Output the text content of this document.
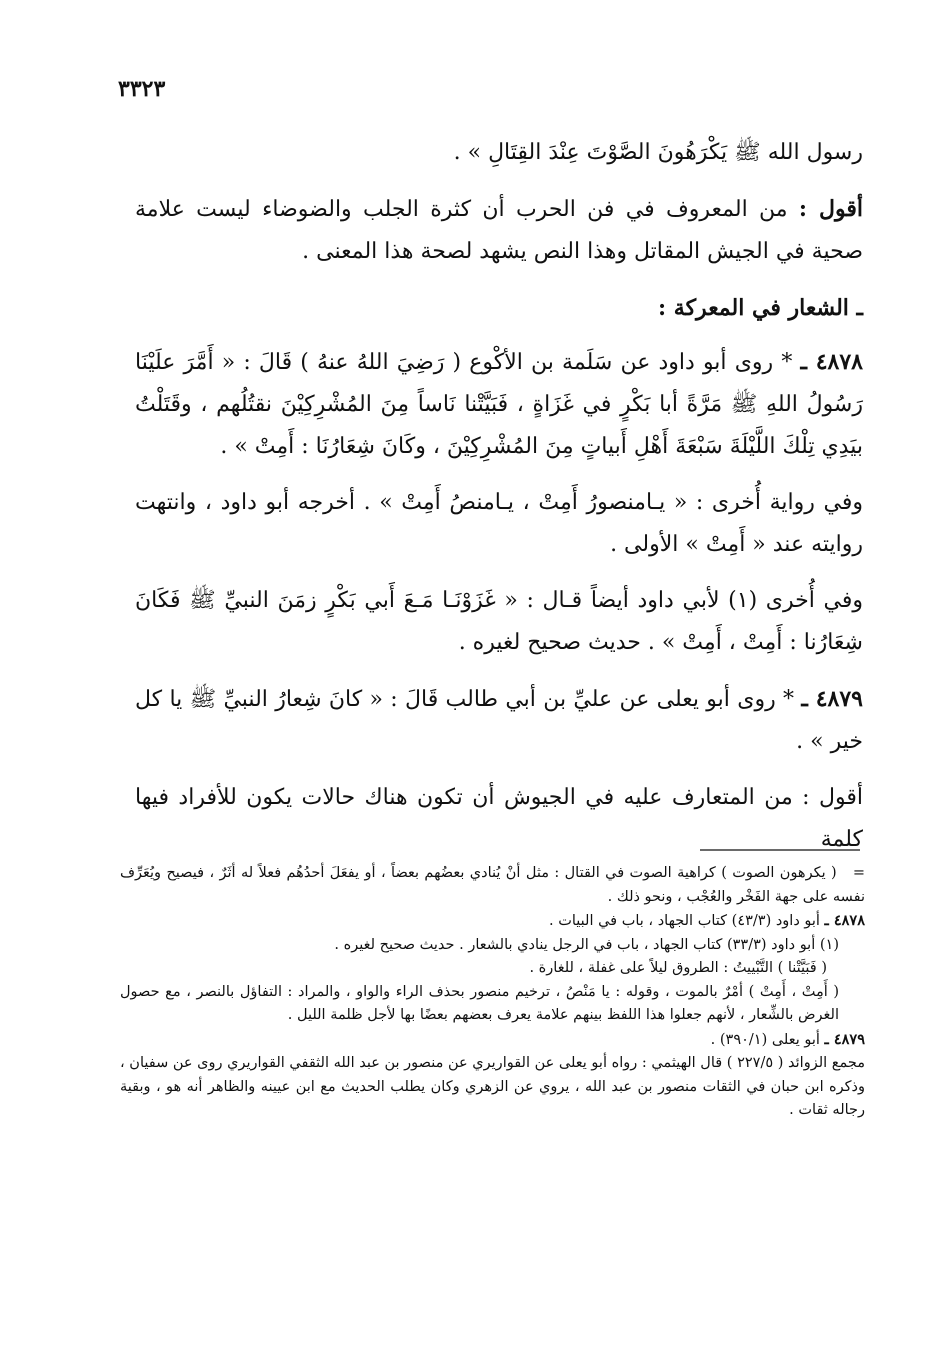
٣٣٢٣

رسول الله ﷺ يَكْرَهُونَ الصَّوْتَ عِنْدَ القِتَالِ » .

أقول : من المعروف في فن الحرب أن كثرة الجلب والضوضاء ليست علامة صحية في الجيش المقاتل وهذا النص يشهد لصحة هذا المعنى .

ـ الشعار في المعركة :

٤٨٧٨ ـ * روى أبو داود عن سَلَمة بن الأكْوع ( رَضِيَ اللهُ عنهُ ) قَالَ : « أَمَّرَ علَيْنَا رَسُولُ اللهِ ﷺ مَرَّةً أبا بَكْرٍ في غَزَاةٍ ، فَبَيَّتْنا نَاساً مِنَ المُشْرِكِيْنَ نقتُلُهم ، وقَتَلْتُ بيَدِي تِلْكَ اللَّيْلَةَ سَبْعَةَ أَهْلِ أَبياتٍ مِنَ المُشْرِكِيْنَ ، وكَانَ شِعَارُنَا : أَمِتْ » .

وفي رواية أُخرى : « يـامنصورُ أَمِتْ ، يـامنصُ أَمِتْ » . أخرجه أبو داود ، وانتهت روايته عند « أَمِتْ » الأولى .

وفي أُخرى (١) لأبي داود أيضاً قـال : « غَزَوْنَـا مَـعَ أَبي بَكْرٍ زمَنَ النبيِّ ﷺ فَكَانَ شِعَارُنا : أَمِتْ ، أَمِتْ » . حديث صحيح لغيره .

٤٨٧٩ ـ * روى أبو يعلى عن عليِّ بن أبي طالب قَالَ : « كانَ شِعارُ النبيِّ ﷺ يا كل خير » .

أقول : من المتعارف عليه في الجيوش أن تكون هناك حالات يكون للأفراد فيها كلمة

=   ( يكرهون الصوت ) كراهية الصوت في القتال : مثل أنْ يُنادي بعضُهم بعضاً ، أو يفعَلَ أحدُهُم فعلاً له أثَرٌ ، فيصيح ويُعَرِّف نفسه على جهة الفَخْر والعُجْب ، ونحو ذلك .

٤٨٧٨ ـ أبو داود (٤٣/٣) كتاب الجهاد ، باب في البيات .

(١) أبو داود (٣٣/٣) كتاب الجهاد ، باب في الرجل ينادي بالشعار . حديث صحيح لغيره .

( فَبَيَّتْنا ) التَّبْييتُ : الطروق ليلاً على غفلة ، للغارة .

( أَمِتْ ، أَمِتْ ) أمْرٌ بالموت ، وقوله : يا مَنْصُ ، ترخيم منصور بحذف الراء والواو ، والمراد : التفاؤل بالنصر ، مع حصول الغرض بالشِّعار ، لأنهم جعلوا هذا اللفظ بينهم علامة يعرف بعضهم بعضًا بها لأجل ظلمة الليل .

٤٨٧٩ ـ أبو يعلى (٣٩٠/١) .

مجمع الزوائد ( ٢٢٧/٥ ) قال الهيثمي : رواه أبو يعلى عن القواريري عن منصور بن عبد الله الثقفي القواريري روى عن سفيان ، وذكره ابن حبان في الثقات منصور بن عبد الله ، يروي عن الزهري وكان يطلب الحديث مع ابن عيينه والظاهر أنه هو ، وبقية رجاله ثقات .
